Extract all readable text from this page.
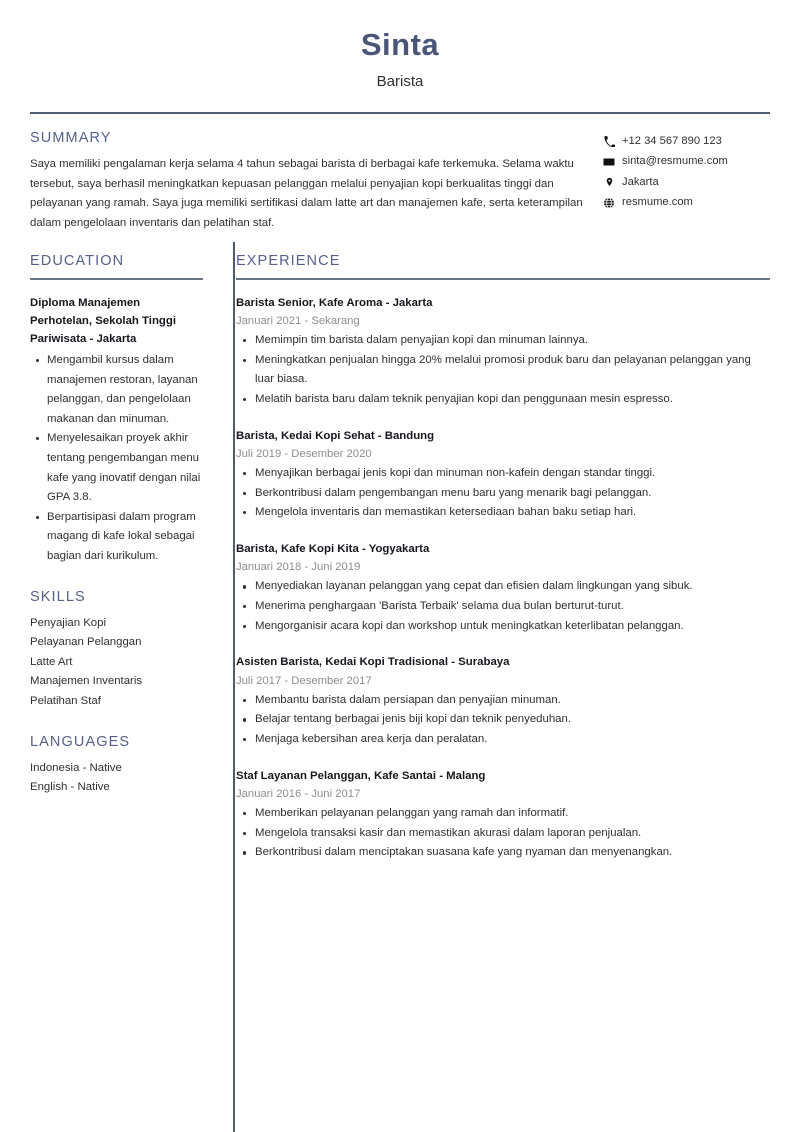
Sinta
Barista
SUMMARY
Saya memiliki pengalaman kerja selama 4 tahun sebagai barista di berbagai kafe terkemuka. Selama waktu tersebut, saya berhasil meningkatkan kepuasan pelanggan melalui penyajian kopi berkualitas tinggi dan pelayanan yang ramah. Saya juga memiliki sertifikasi dalam latte art dan manajemen kafe, serta keterampilan dalam pengelolaan inventaris dan pelatihan staf.
+12 34 567 890 123
sinta@resmume.com
Jakarta
resmume.com
EDUCATION
Diploma Manajemen Perhotelan, Sekolah Tinggi Pariwisata - Jakarta
Mengambil kursus dalam manajemen restoran, layanan pelanggan, dan pengelolaan makanan dan minuman.
Menyelesaikan proyek akhir tentang pengembangan menu kafe yang inovatif dengan nilai GPA 3.8.
Berpartisipasi dalam program magang di kafe lokal sebagai bagian dari kurikulum.
SKILLS
Penyajian Kopi
Pelayanan Pelanggan
Latte Art
Manajemen Inventaris
Pelatihan Staf
LANGUAGES
Indonesia - Native
English - Native
EXPERIENCE
Barista Senior, Kafe Aroma - Jakarta
Januari 2021 - Sekarang
Memimpin tim barista dalam penyajian kopi dan minuman lainnya.
Meningkatkan penjualan hingga 20% melalui promosi produk baru dan pelayanan pelanggan yang luar biasa.
Melatih barista baru dalam teknik penyajian kopi dan penggunaan mesin espresso.
Barista, Kedai Kopi Sehat - Bandung
Juli 2019 - Desember 2020
Menyajikan berbagai jenis kopi dan minuman non-kafein dengan standar tinggi.
Berkontribusi dalam pengembangan menu baru yang menarik bagi pelanggan.
Mengelola inventaris dan memastikan ketersediaan bahan baku setiap hari.
Barista, Kafe Kopi Kita - Yogyakarta
Januari 2018 - Juni 2019
Menyediakan layanan pelanggan yang cepat dan efisien dalam lingkungan yang sibuk.
Menerima penghargaan 'Barista Terbaik' selama dua bulan berturut-turut.
Mengorganisir acara kopi dan workshop untuk meningkatkan keterlibatan pelanggan.
Asisten Barista, Kedai Kopi Tradisional - Surabaya
Juli 2017 - Desember 2017
Membantu barista dalam persiapan dan penyajian minuman.
Belajar tentang berbagai jenis biji kopi dan teknik penyeduhan.
Menjaga kebersihan area kerja dan peralatan.
Staf Layanan Pelanggan, Kafe Santai - Malang
Januari 2016 - Juni 2017
Memberikan pelayanan pelanggan yang ramah dan informatif.
Mengelola transaksi kasir dan memastikan akurasi dalam laporan penjualan.
Berkontribusi dalam menciptakan suasana kafe yang nyaman dan menyenangkan.
